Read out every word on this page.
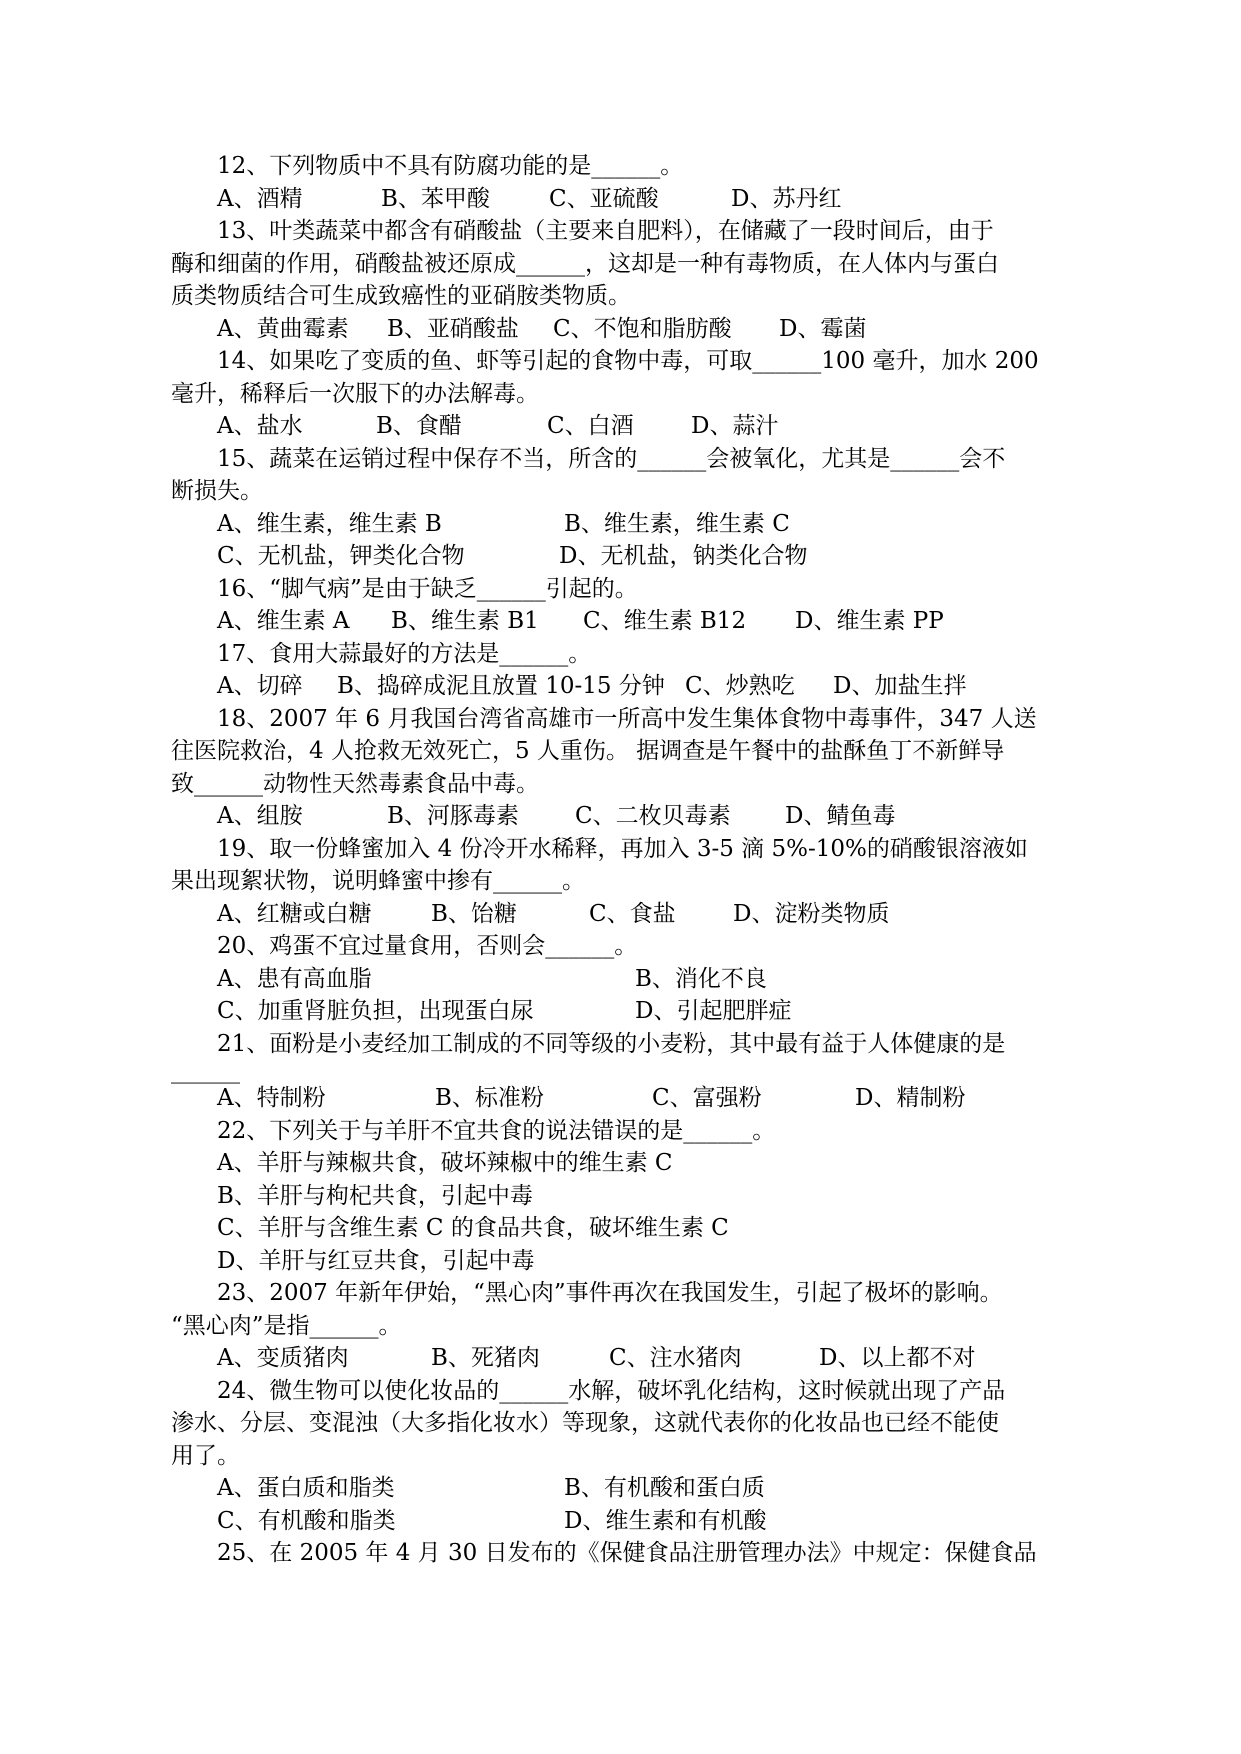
12、下列物质中不具有防腐功能的是______。
A、酒精	B、苯甲酸	C、亚硫酸	D、苏丹红
13、叶类蔬菜中都含有硝酸盐（主要来自肥料），在储藏了一段时间后，由于
酶和细菌的作用，硝酸盐被还原成______，这却是一种有毒物质，在人体内与蛋白
质类物质结合可生成致癌性的亚硝胺类物质。
A、黄曲霉素 B、亚硝酸盐 C、不饱和脂肪酸 D、霉菌
14、如果吃了变质的鱼、虾等引起的食物中毒，可取______100 毫升，加水 200
毫升，稀释后一次服下的办法解毒。
A、盐水	B、食醋	C、白酒 D、蒜汁
15、蔬菜在运销过程中保存不当，所含的______会被氧化，尤其是______会不
断损失。
A、维生素，维生素 B	B、维生素，维生素 C
C、无机盐，钾类化合物	D、无机盐，钠类化合物
16、“脚气病”是由于缺乏______引起的。
A、维生素 A B、维生素 B1 C、维生素 B12 D、维生素 PP
17、食用大蒜最好的方法是______。
A、切碎 B、捣碎成泥且放置 10-15 分钟 C、炒熟吃 D、加盐生拌
18、2007 年 6 月我国台湾省高雄市一所高中发生集体食物中毒事件，347 人送
往医院救治，4 人抢救无效死亡，5 人重伤。 据调查是午餐中的盐酥鱼丁不新鲜导
致______动物性天然毒素食品中毒。
A、组胺	B、河豚毒素 C、二枚贝毒素 D、鲭鱼毒
19、取一份蜂蜜加入 4 份冷开水稀释，再加入 3-5 滴 5%-10%的硝酸银溶液如
果出现絮状物，说明蜂蜜中掺有______。
A、红糖或白糖	B、饴糖	C、食盐 D、淀粉类物质
20、鸡蛋不宜过量食用，否则会______。
A、患有高血脂	B、消化不良
C、加重肾脏负担，出现蛋白尿	D、引起肥胖症
21、面粉是小麦经加工制成的不同等级的小麦粉，其中最有益于人体健康的是
______
A、特制粉	B、标准粉	C、富强粉	D、精制粉
22、下列关于与羊肝不宜共食的说法错误的是______。
A、羊肝与辣椒共食，破坏辣椒中的维生素 C
B、羊肝与枸杞共食，引起中毒
C、羊肝与含维生素 C 的食品共食，破坏维生素 C
D、羊肝与红豆共食，引起中毒
23、2007 年新年伊始，“黑心肉”事件再次在我国发生，引起了极坏的影响。
“黑心肉”是指______。
A、变质猪肉	B、死猪肉	C、注水猪肉	D、以上都不对
24、微生物可以使化妆品的______水解，破坏乳化结构，这时候就出现了产品
渗水、分层、变混浊（大多指化妆水）等现象，这就代表你的化妆品也已经不能使
用了。
A、蛋白质和脂类	B、有机酸和蛋白质
C、有机酸和脂类	D、维生素和有机酸
25、在 2005 年 4 月 30 日发布的《保健食品注册管理办法》中规定：保健食品
